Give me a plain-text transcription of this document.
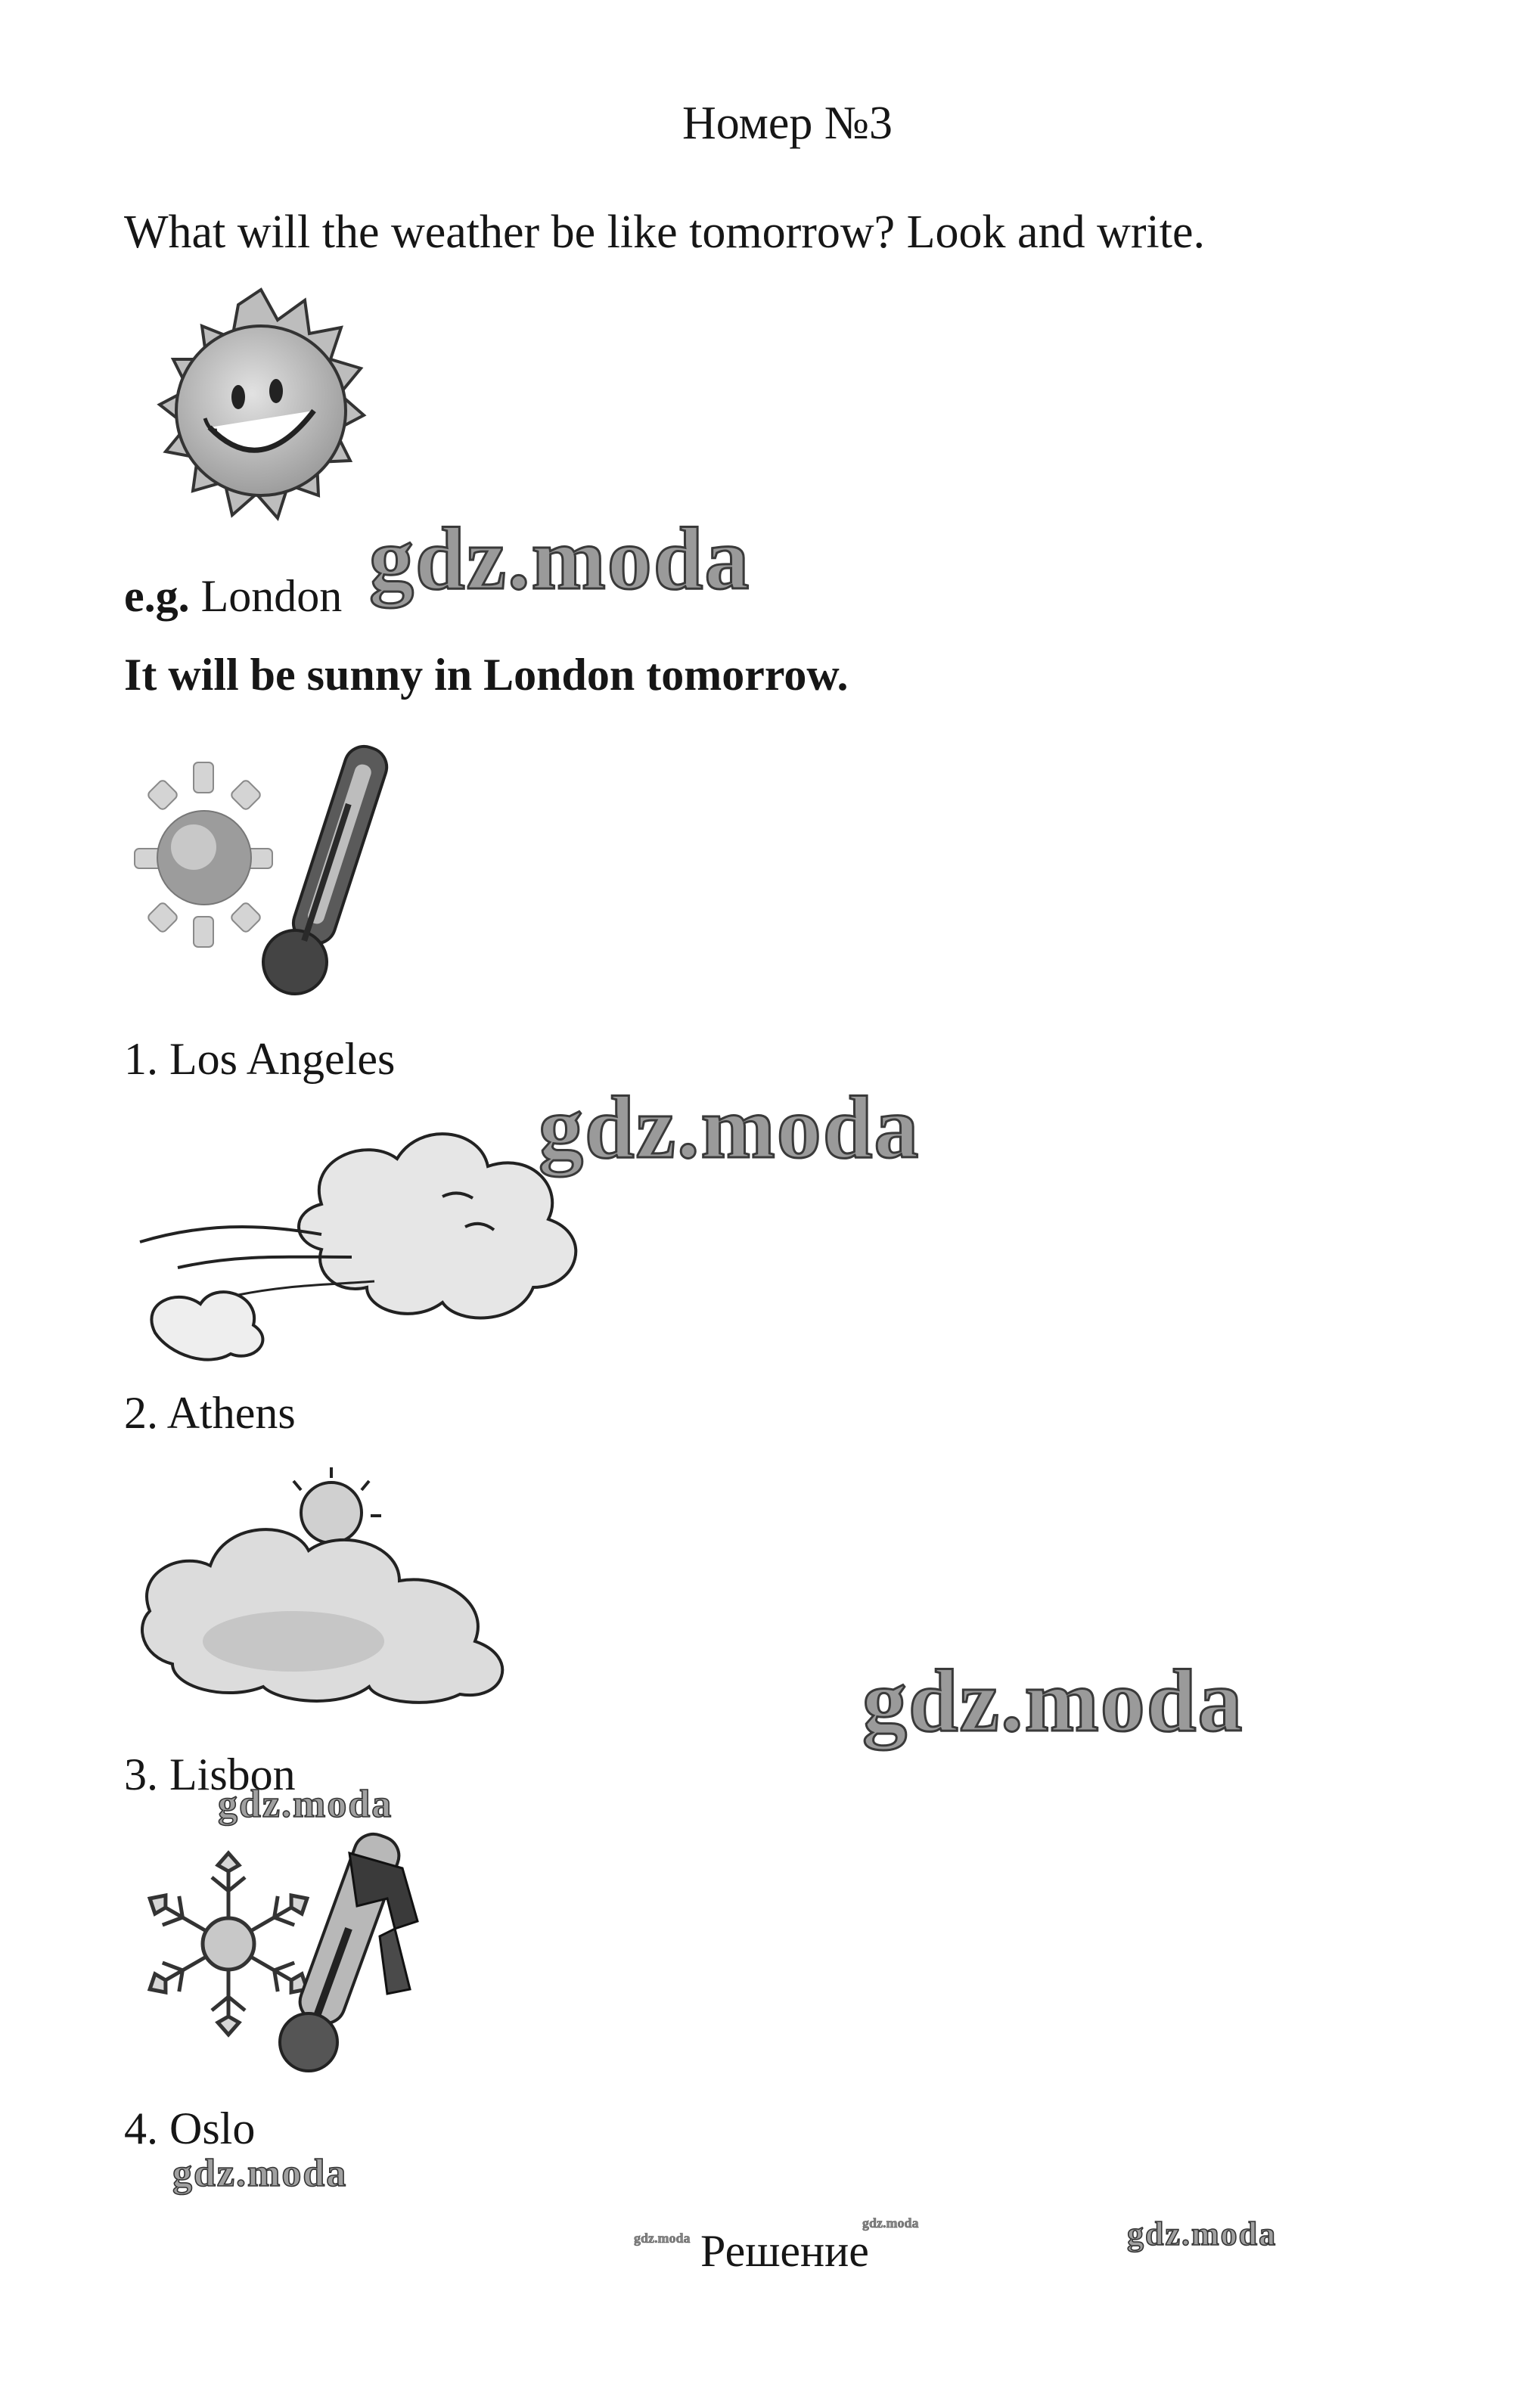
Номер №3
What will the weather be like tomorrow? Look and write.
e.g. London gdz.moda
It will be sunny in London tomorrow.
1. Los Angeles
gdz.moda
2. Athens
3. Lisbon
gdz.moda
gdz.moda
4. Oslo
gdz.moda
gdz.moda Решение
gdz.moda	gdz.moda
